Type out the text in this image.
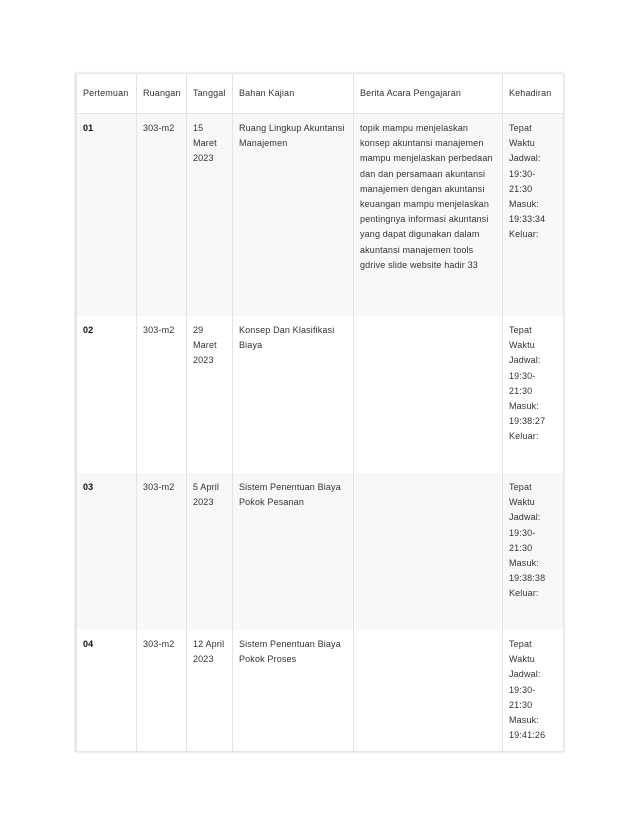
Pertemuan	Ruangan	Tanggal	Bahan Kajian	Berita Acara Pengajaran	Kehadiran
01	303-m2	15 Maret 2023	Ruang Lingkup Akuntansi Manajemen	topik mampu menjelaskan konsep akuntansi manajemen mampu menjelaskan perbedaan dan dan persamaan akuntansi manajemen dengan akuntansi keuangan mampu menjelaskan pentingnya informasi akuntansi yang dapat digunakan dalam akuntansi manajemen tools gdrive slide website hadir 33	Tepat Waktu Jadwal: 19:30-21:30 Masuk: 19:33:34 Keluar:
02	303-m2	29 Maret 2023	Konsep Dan Klasifikasi Biaya		Tepat Waktu Jadwal: 19:30-21:30 Masuk: 19:38:27 Keluar:
03	303-m2	5 April 2023	Sistem Penentuan Biaya Pokok Pesanan		Tepat Waktu Jadwal: 19:30-21:30 Masuk: 19:38:38 Keluar:
04	303-m2	12 April 2023	Sistem Penentuan Biaya Pokok Proses		Tepat Waktu Jadwal: 19:30-21:30 Masuk: 19:41:26
